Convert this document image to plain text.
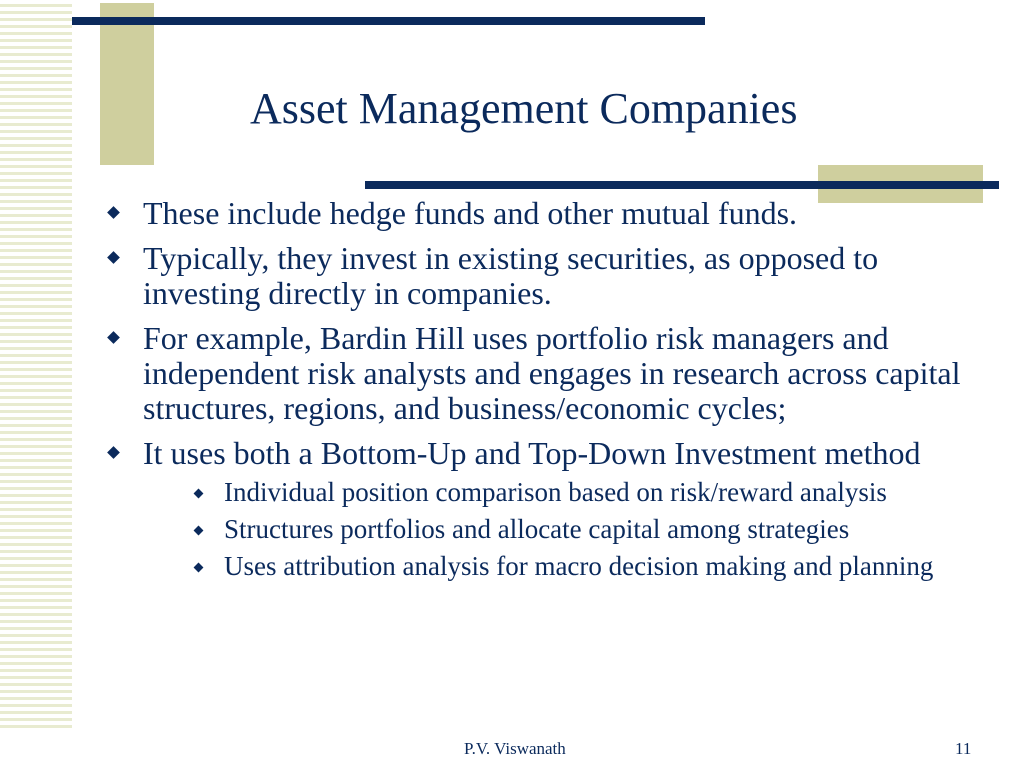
Asset Management Companies
These include hedge funds and other mutual funds.
Typically, they invest in existing securities, as opposed to investing directly in companies.
For example, Bardin Hill uses portfolio risk managers and independent risk analysts and engages in research across capital structures, regions, and business/economic cycles;
It uses both a Bottom-Up and Top-Down Investment method
Individual position comparison based on risk/reward analysis
Structures portfolios and allocate capital among strategies
Uses attribution analysis for macro decision making and planning
P.V. Viswanath	11
